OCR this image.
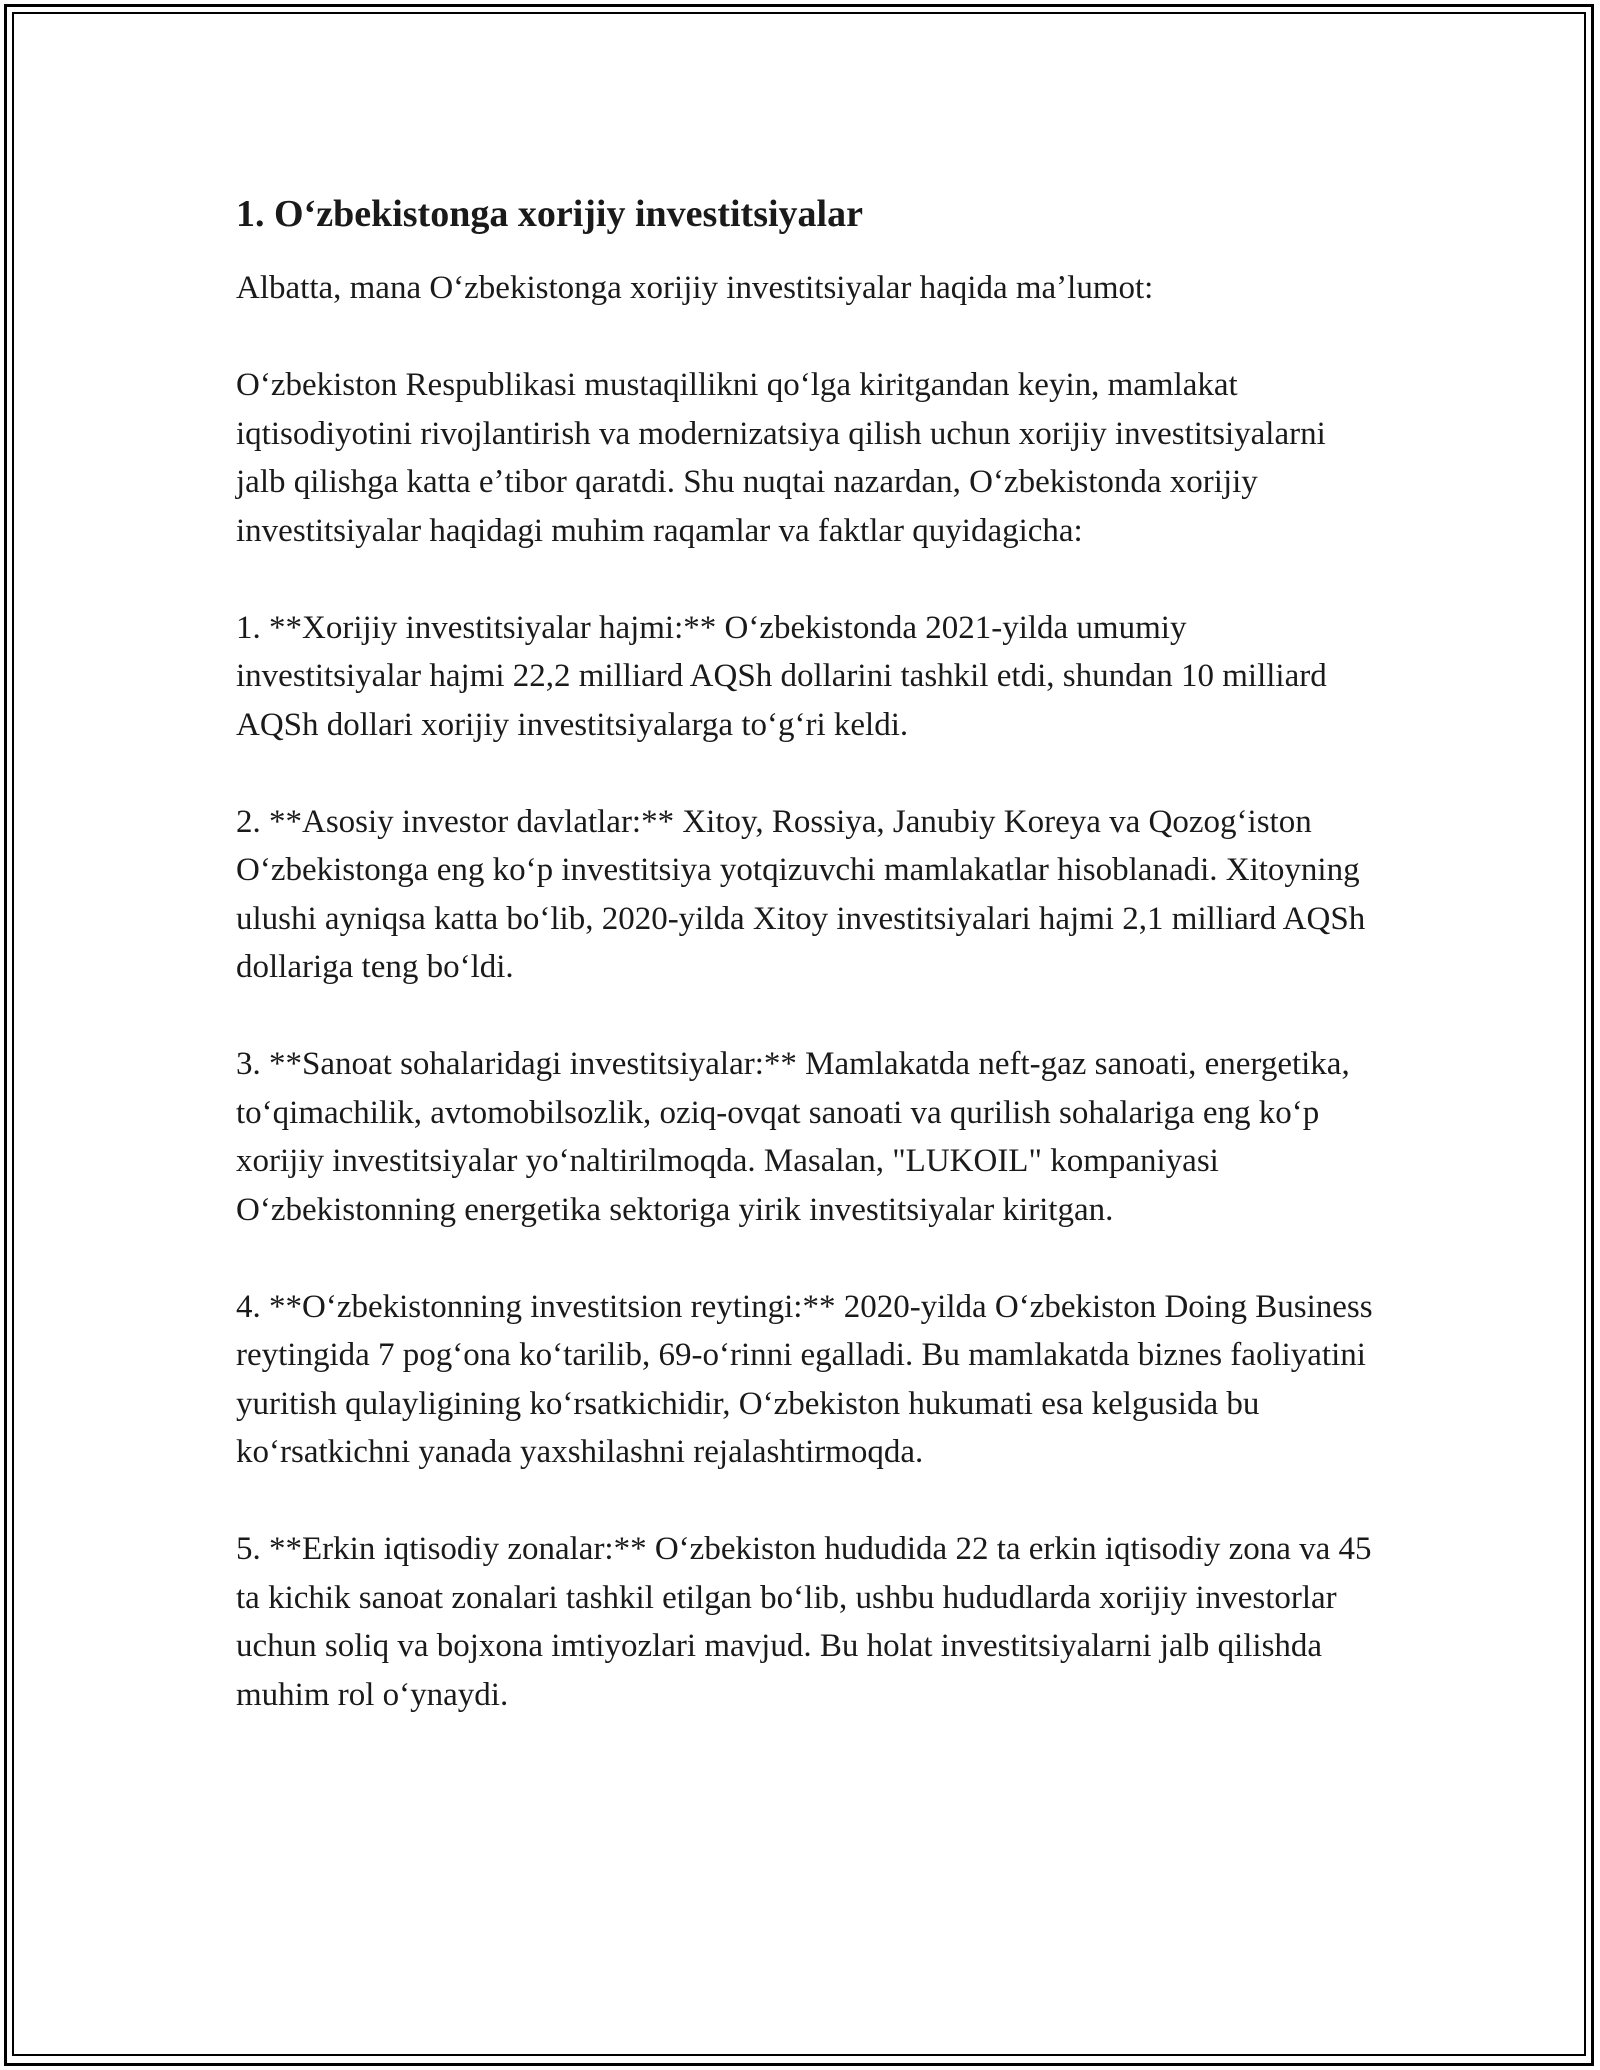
1. Oʻzbekistonga xorijiy investitsiyalar

Albatta, mana Oʻzbekistonga xorijiy investitsiyalar haqida maʼlumot:

Oʻzbekiston Respublikasi mustaqillikni qoʻlga kiritgandan keyin, mamlakat iqtisodiyotini rivojlantirish va modernizatsiya qilish uchun xorijiy investitsiyalarni jalb qilishga katta eʼtibor qaratdi. Shu nuqtai nazardan, Oʻzbekistonda xorijiy investitsiyalar haqidagi muhim raqamlar va faktlar quyidagicha:

1. **Xorijiy investitsiyalar hajmi:** Oʻzbekistonda 2021-yilda umumiy investitsiyalar hajmi 22,2 milliard AQSh dollarini tashkil etdi, shundan 10 milliard AQSh dollari xorijiy investitsiyalarga toʻgʻri keldi.

2. **Asosiy investor davlatlar:** Xitoy, Rossiya, Janubiy Koreya va Qozogʻiston Oʻzbekistonga eng koʻp investitsiya yotqizuvchi mamlakatlar hisoblanadi. Xitoyning ulushi ayniqsa katta boʻlib, 2020-yilda Xitoy investitsiyalari hajmi 2,1 milliard AQSh dollariga teng boʻldi.

3. **Sanoat sohalaridagi investitsiyalar:** Mamlakatda neft-gaz sanoati, energetika, toʻqimachilik, avtomobilsozlik, oziq-ovqat sanoati va qurilish sohalariga eng koʻp xorijiy investitsiyalar yoʻnaltirilmoqda. Masalan, "LUKOIL" kompaniyasi Oʻzbekistonning energetika sektoriga yirik investitsiyalar kiritgan.

4. **Oʻzbekistonning investitsion reytingi:** 2020-yilda Oʻzbekiston Doing Business reytingida 7 pogʻona koʻtarilib, 69-oʻrinni egalladi. Bu mamlakatda biznes faoliyatini yuritish qulayligining koʻrsatkichidir, Oʻzbekiston hukumati esa kelgusida bu koʻrsatkichni yanada yaxshilashni rejalashtirmoqda.

5. **Erkin iqtisodiy zonalar:** Oʻzbekiston hududida 22 ta erkin iqtisodiy zona va 45 ta kichik sanoat zonalari tashkil etilgan boʻlib, ushbu hududlarda xorijiy investorlar uchun soliq va bojxona imtiyozlari mavjud. Bu holat investitsiyalarni jalb qilishda muhim rol oʻynaydi.
